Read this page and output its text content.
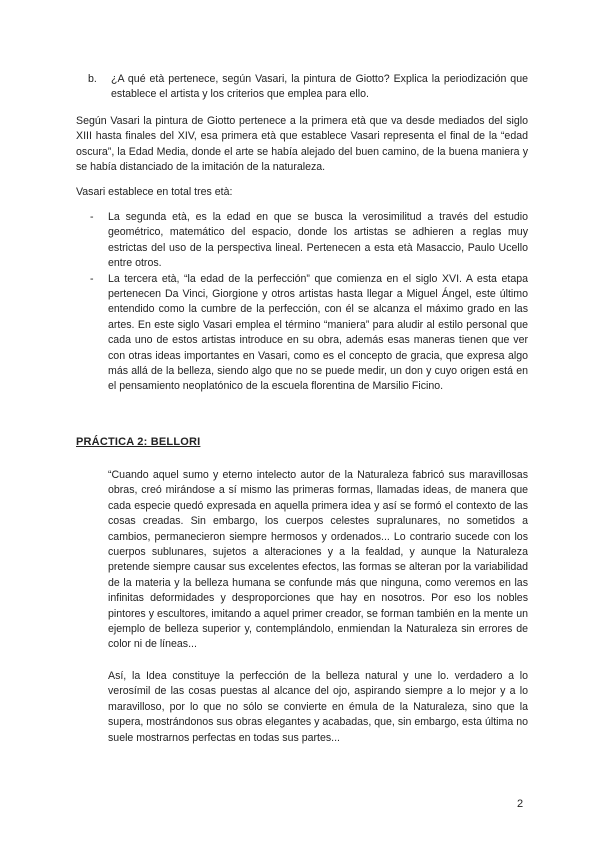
b. ¿A qué età pertenece, según Vasari, la pintura de Giotto? Explica la periodización que establece el artista y los criterios que emplea para ello.
Según Vasari la pintura de Giotto pertenece a la primera età que va desde mediados del siglo XIII hasta finales del XIV, esa primera età que establece Vasari representa el final de la “edad oscura”, la Edad Media, donde el arte se había alejado del buen camino, de la buena maniera y se había distanciado de la imitación de la naturaleza.
Vasari establece en total tres età:
- La segunda età, es la edad en que se busca la verosimilitud a través del estudio geométrico, matemático del espacio, donde los artistas se adhieren a reglas muy estrictas del uso de la perspectiva lineal. Pertenecen a esta età Masaccio, Paulo Ucello entre otros.
- La tercera età, “la edad de la perfección” que comienza en el siglo XVI. A esta etapa pertenecen Da Vinci, Giorgione y otros artistas hasta llegar a Miguel Ángel, este último entendido como la cumbre de la perfección, con él se alcanza el máximo grado en las artes. En este siglo Vasari emplea el término “maniera” para aludir al estilo personal que cada uno de estos artistas introduce en su obra, además esas maneras tienen que ver con otras ideas importantes en Vasari, como es el concepto de gracia, que expresa algo más allá de la belleza, siendo algo que no se puede medir, un don y cuyo origen está en el pensamiento neoplatónico de la escuela florentina de Marsilio Ficino.
PRÁCTICA 2: BELLORI
“Cuando aquel sumo y eterno intelecto autor de la Naturaleza fabricó sus maravillosas obras, creó mirándose a sí mismo las primeras formas, llamadas ideas, de manera que cada especie quedó expresada en aquella primera idea y así se formó el contexto de las cosas creadas. Sin embargo, los cuerpos celestes supralunares, no sometidos a cambios, permanecieron siempre hermosos y ordenados... Lo contrario sucede con los cuerpos sublunares, sujetos a alteraciones y a la fealdad, y aunque la Naturaleza pretende siempre causar sus excelentes efectos, las formas se alteran por la variabilidad de la materia y la belleza humana se confunde más que ninguna, como veremos en las infinitas deformidades y desproporciones que hay en nosotros. Por eso los nobles pintores y escultores, imitando a aquel primer creador, se forman también en la mente un ejemplo de belleza superior y, contemplándolo, enmiendan la Naturaleza sin errores de color ni de líneas...
Así, la Idea constituye la perfección de la belleza natural y une lo. verdadero a lo verosímil de las cosas puestas al alcance del ojo, aspirando siempre a lo mejor y a lo maravilloso, por lo que no sólo se convierte en émula de la Naturaleza, sino que la supera, mostrándonos sus obras elegantes y acabadas, que, sin embargo, esta última no suele mostrarnos perfectas en todas sus partes...
2
